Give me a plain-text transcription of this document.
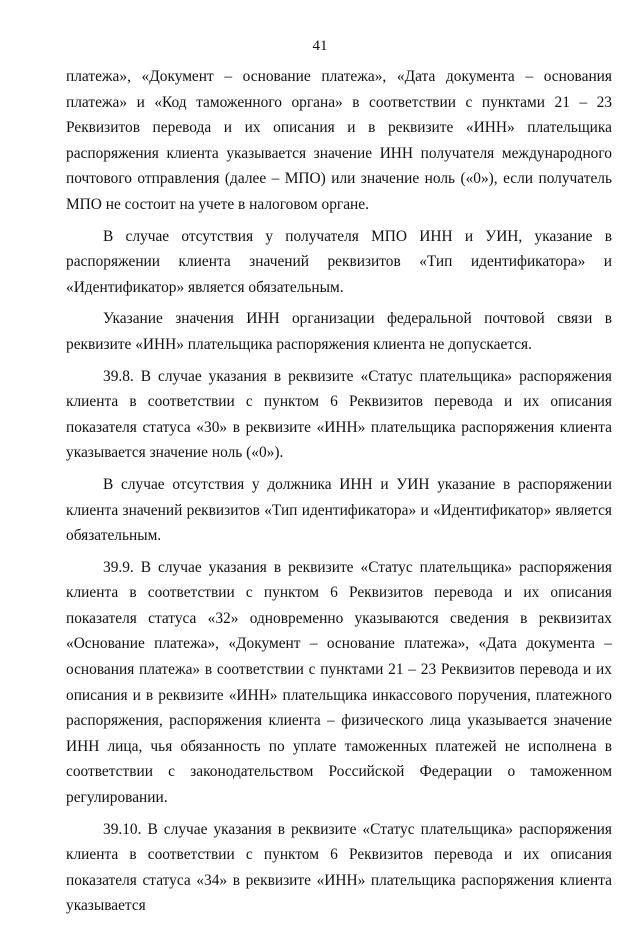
41

платежа», «Документ – основание платежа», «Дата документа – основания платежа» и «Код таможенного органа» в соответствии с пунктами 21 – 23 Реквизитов перевода и их описания и в реквизите «ИНН» плательщика распоряжения клиента указывается значение ИНН получателя международного почтового отправления (далее – МПО) или значение ноль («0»), если получатель МПО не состоит на учете в налоговом органе.

В случае отсутствия у получателя МПО ИНН и УИН, указание в распоряжении клиента значений реквизитов «Тип идентификатора» и «Идентификатор» является обязательным.

Указание значения ИНН организации федеральной почтовой связи в реквизите «ИНН» плательщика распоряжения клиента не допускается.

39.8. В случае указания в реквизите «Статус плательщика» распоряжения клиента в соответствии с пунктом 6 Реквизитов перевода и их описания показателя статуса «30» в реквизите «ИНН» плательщика распоряжения клиента указывается значение ноль («0»).

В случае отсутствия у должника ИНН и УИН указание в распоряжении клиента значений реквизитов «Тип идентификатора» и «Идентификатор» является обязательным.

39.9. В случае указания в реквизите «Статус плательщика» распоряжения клиента в соответствии с пунктом 6 Реквизитов перевода и их описания показателя статуса «32» одновременно указываются сведения в реквизитах «Основание платежа», «Документ – основание платежа», «Дата документа – основания платежа» в соответствии с пунктами 21 – 23 Реквизитов перевода и их описания и в реквизите «ИНН» плательщика инкассового поручения, платежного распоряжения, распоряжения клиента – физического лица указывается значение ИНН лица, чья обязанность по уплате таможенных платежей не исполнена в соответствии с законодательством Российской Федерации о таможенном регулировании.

39.10. В случае указания в реквизите «Статус плательщика» распоряжения клиента в соответствии с пунктом 6 Реквизитов перевода и их описания показателя статуса «34» в реквизите «ИНН» плательщика распоряжения клиента указывается
